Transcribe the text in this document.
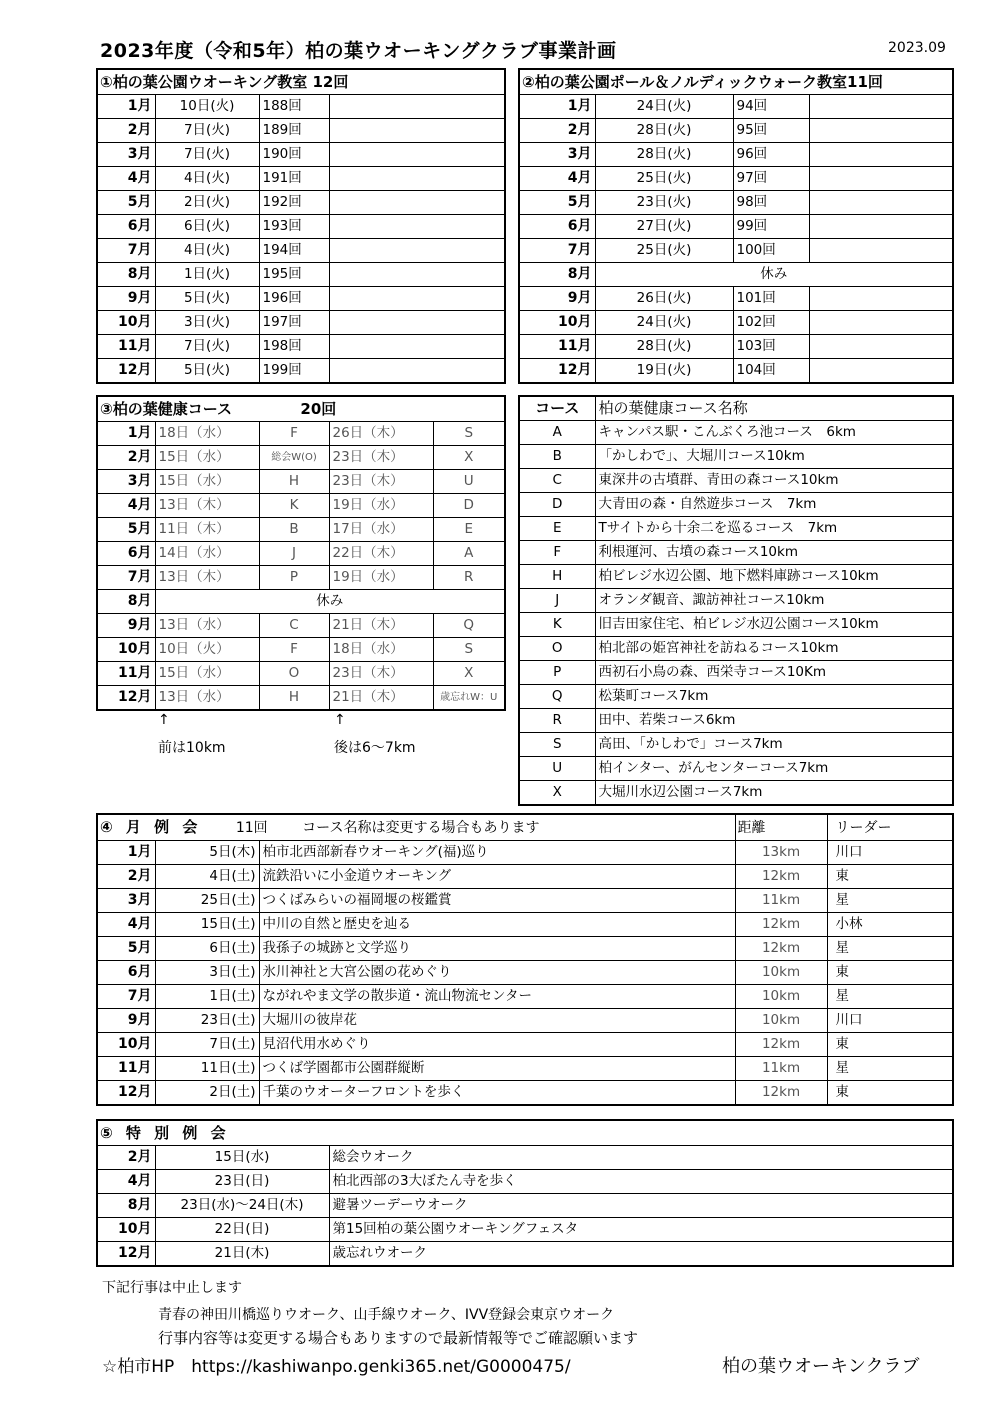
2023年度（令和5年）柏の葉ウオーキングクラブ事業計画	2023.09
①柏の葉公園ウオーキング教室 12回			
1月	10日(火)	188回	
2月	7日(火)	189回	
3月	7日(火)	190回	
4月	4日(火)	191回	
5月	2日(火)	192回	
6月	6日(火)	193回	
7月	4日(火)	194回	
8月	1日(火)	195回	
9月	5日(火)	196回	
10月	3日(火)	197回	
11月	7日(火)	198回	
12月	5日(火)	199回	
②柏の葉公園ポール＆ノルディックウォーク教室11回			
1月	24日(火)	94回	
2月	28日(火)	95回	
3月	28日(火)	96回	
4月	25日(火)	97回	
5月	23日(火)	98回	
6月	27日(火)	99回	
7月	25日(火)	100回	
8月	休み		
9月	26日(火)	101回	
10月	24日(火)	102回	
11月	28日(火)	103回	
12月	19日(火)	104回	
③柏の葉健康コース 20回				
1月	18日（水）	F	26日（木）	S
2月	15日（水）	総会W(O)	23日（木）	X
3月	15日（水）	H	23日（木）	U
4月	13日（木）	K	19日（水）	D
5月	11日（木）	B	17日（水）	E
6月	14日（水）	J	22日（木）	A
7月	13日（木）	P	19日（水）	R
8月	休み			
9月	13日（水）	C	21日（木）	Q
10月	10日（火）	F	18日（水）	S
11月	15日（水）	O	23日（木）	X
12月	13日（水）	H	21日（木）	歳忘れW：U
↑	↑
前は10km	後は6～7km
コース	柏の葉健康コース名称
A	キャンパス駅・こんぶくろ池コース　6km
B	「かしわで」、大堀川コース10km
C	東深井の古墳群、青田の森コース10km
D	大青田の森・自然遊歩コース　7km
E	Tサイトから十余二を巡るコース　7km
F	利根運河、古墳の森コース10km
H	柏ビレジ水辺公園、地下燃料庫跡コース10km
J	オランダ観音、諏訪神社コース10km
K	旧吉田家住宅、柏ビレジ水辺公園コース10km
O	柏北部の姫宮神社を訪ねるコース10km
P	西初石小鳥の森、西栄寺コース10Km
Q	松葉町コース7km
R	田中、若柴コース6km
S	高田、「かしわで」コース7km
U	柏インター、がんセンターコース7km
X	大堀川水辺公園コース7km
④ 月 例 会 11回 コース名称は変更する場合もあります			距離	リーダー
1月	5日(木)	柏市北西部新春ウオーキング(福)巡り	13km	川口
2月	4日(土)	流鉄沿いに小金道ウオーキング	12km	東
3月	25日(土)	つくばみらいの福岡堰の桜鑑賞	11km	星
4月	15日(土)	中川の自然と歴史を辿る	12km	小林
5月	6日(土)	我孫子の城跡と文学巡り	12km	星
6月	3日(土)	氷川神社と大宮公園の花めぐり	10km	東
7月	1日(土)	ながれやま文学の散歩道・流山物流センター	10km	星
9月	23日(土)	大堀川の彼岸花	10km	川口
10月	7日(土)	見沼代用水めぐり	12km	東
11月	11日(土)	つくば学園都市公園群縦断	11km	星
12月	2日(土)	千葉のウオーターフロントを歩く	12km	東
⑤ 特 別 例 会		
2月	15日(水)	総会ウオーク
4月	23日(日)	柏北西部の3大ぼたん寺を歩く
8月	23日(水)～24日(木)	避暑ツーデーウオーク
10月	22日(日)	第15回柏の葉公園ウオーキングフェスタ
12月	21日(木)	歳忘れウオーク
下記行事は中止します
青春の神田川橋巡りウオーク、山手線ウオーク、IVV登録会東京ウオーク
行事内容等は変更する場合もありますので最新情報等でご確認願います
☆柏市HP　https://kashiwanpo.genki365.net/G0000475/	柏の葉ウオーキンクラブ
